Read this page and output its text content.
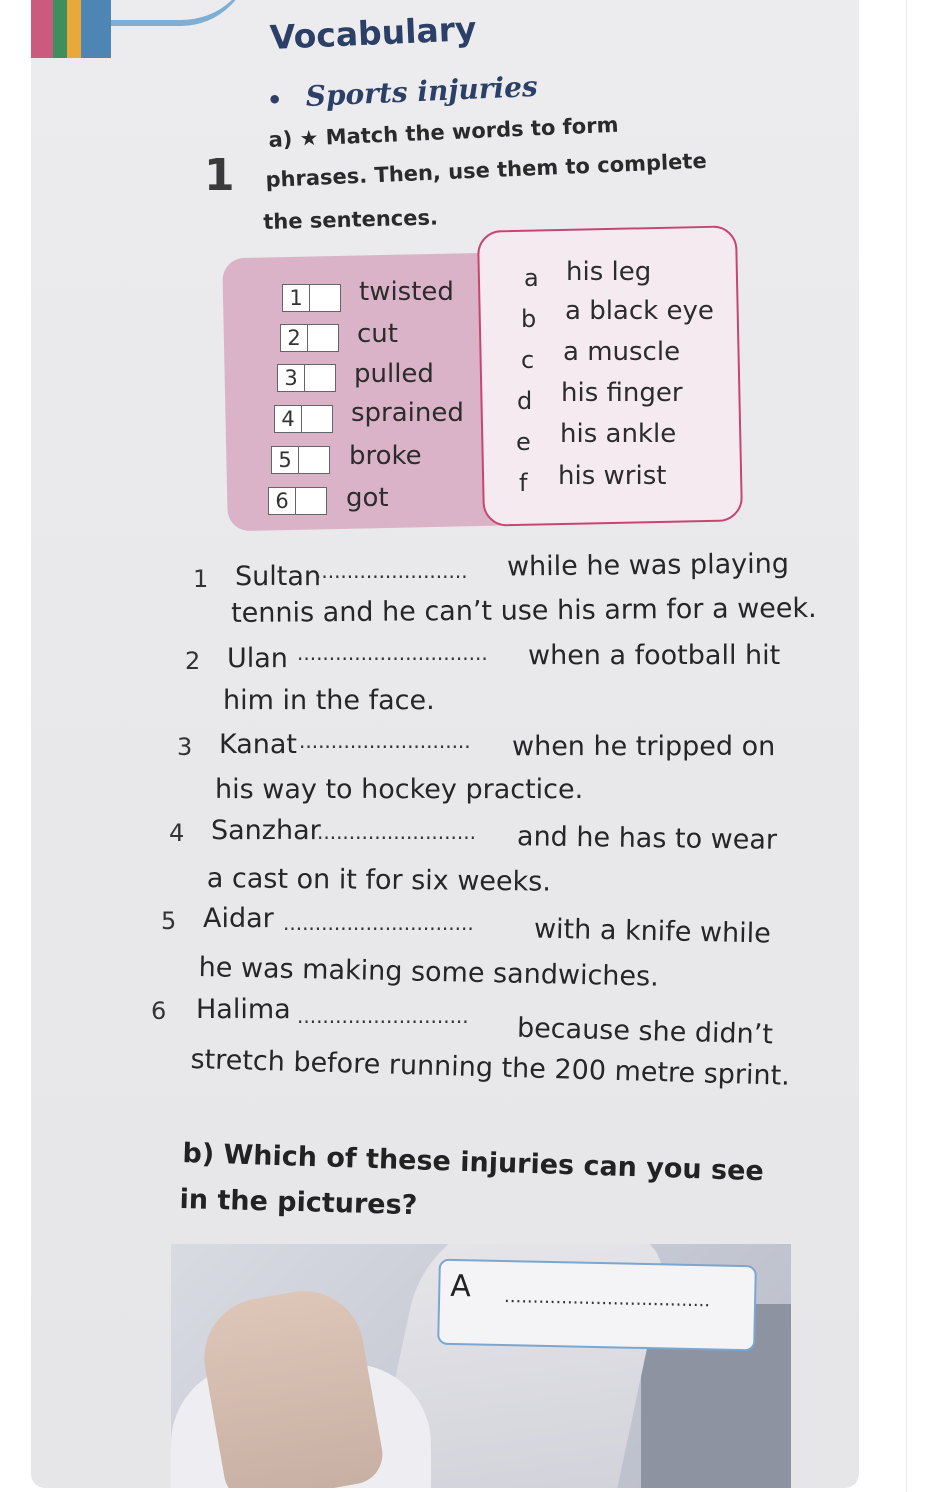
Vocabulary
• Sports injuries
1
a) ★ Match the words to form
phrases. Then, use them to complete
the sentences.
1 twisted
2 cut
3 pulled
4 sprained
5 broke
6 got
a his leg
b a black eye
c a muscle
d his finger
e his ankle
f his wrist
1 Sultan
........................ while he was playing
tennis and he can’t use his arm for a week.
2 Ulan .............................. when a football hit
him in the face.
3 Kanat ........................... when he tripped on
his way to hockey practice.
4 Sanzhar
......................... and he has to wear
a cast on it for six weeks.
5 Aidar .............................. with a knife while
he was making some sandwiches.
6 Halima ........................... because she didn’t
stretch before running the 200 metre sprint.
b) Which of these injuries can you see
in the pictures?
A ....................................
